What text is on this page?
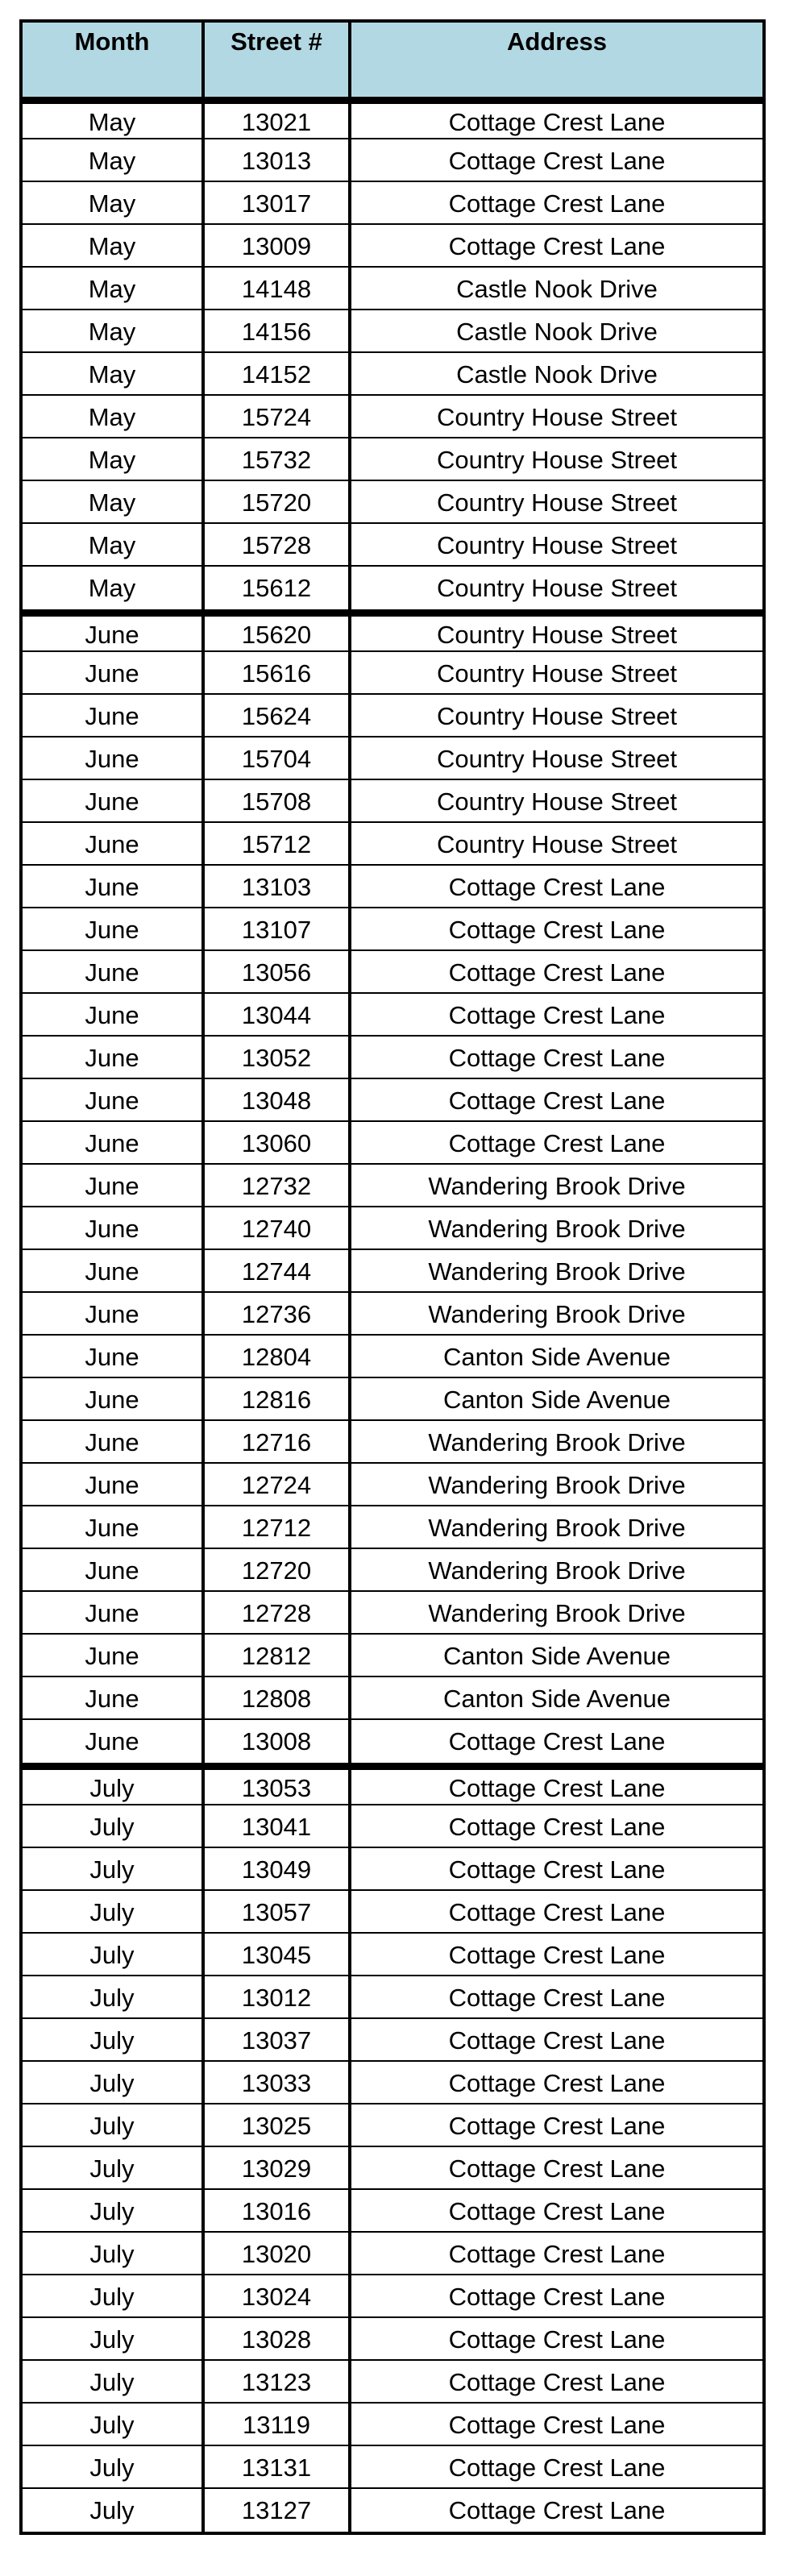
Month	Street #	Address
May	13021	Cottage Crest Lane
May	13013	Cottage Crest Lane
May	13017	Cottage Crest Lane
May	13009	Cottage Crest Lane
May	14148	Castle Nook Drive
May	14156	Castle Nook Drive
May	14152	Castle Nook Drive
May	15724	Country House Street
May	15732	Country House Street
May	15720	Country House Street
May	15728	Country House Street
May	15612	Country House Street
June	15620	Country House Street
June	15616	Country House Street
June	15624	Country House Street
June	15704	Country House Street
June	15708	Country House Street
June	15712	Country House Street
June	13103	Cottage Crest Lane
June	13107	Cottage Crest Lane
June	13056	Cottage Crest Lane
June	13044	Cottage Crest Lane
June	13052	Cottage Crest Lane
June	13048	Cottage Crest Lane
June	13060	Cottage Crest Lane
June	12732	Wandering Brook Drive
June	12740	Wandering Brook Drive
June	12744	Wandering Brook Drive
June	12736	Wandering Brook Drive
June	12804	Canton Side Avenue
June	12816	Canton Side Avenue
June	12716	Wandering Brook Drive
June	12724	Wandering Brook Drive
June	12712	Wandering Brook Drive
June	12720	Wandering Brook Drive
June	12728	Wandering Brook Drive
June	12812	Canton Side Avenue
June	12808	Canton Side Avenue
June	13008	Cottage Crest Lane
July	13053	Cottage Crest Lane
July	13041	Cottage Crest Lane
July	13049	Cottage Crest Lane
July	13057	Cottage Crest Lane
July	13045	Cottage Crest Lane
July	13012	Cottage Crest Lane
July	13037	Cottage Crest Lane
July	13033	Cottage Crest Lane
July	13025	Cottage Crest Lane
July	13029	Cottage Crest Lane
July	13016	Cottage Crest Lane
July	13020	Cottage Crest Lane
July	13024	Cottage Crest Lane
July	13028	Cottage Crest Lane
July	13123	Cottage Crest Lane
July	13119	Cottage Crest Lane
July	13131	Cottage Crest Lane
July	13127	Cottage Crest Lane
